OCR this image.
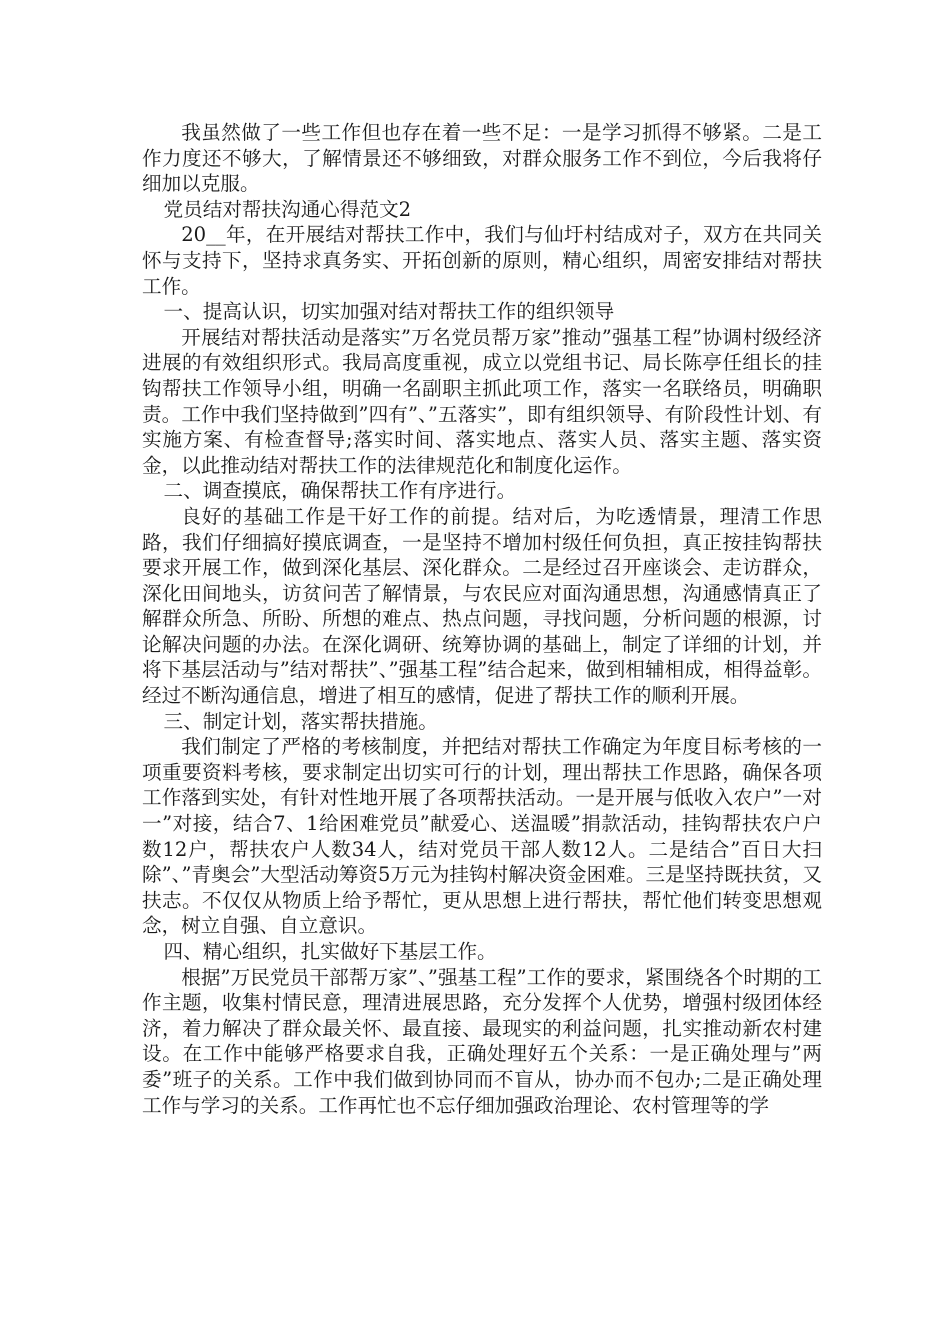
我虽然做了一些工作但也存在着一些不足：一是学习抓得不够紧。二是工作力度还不够大，了解情景还不够细致，对群众服务工作不到位，今后我将仔细加以克服。

党员结对帮扶沟通心得范文2

20__年，在开展结对帮扶工作中，我们与仙圩村结成对子，双方在共同关怀与支持下，坚持求真务实、开拓创新的原则，精心组织，周密安排结对帮扶工作。

一、提高认识，切实加强对结对帮扶工作的组织领导

开展结对帮扶活动是落实”万名党员帮万家”推动”强基工程”协调村级经济进展的有效组织形式。我局高度重视，成立以党组书记、局长陈亭任组长的挂钩帮扶工作领导小组，明确一名副职主抓此项工作，落实一名联络员，明确职责。工作中我们坚持做到”四有”、”五落实”，即有组织领导、有阶段性计划、有实施方案、有检查督导;落实时间、落实地点、落实人员、落实主题、落实资金，以此推动结对帮扶工作的法律规范化和制度化运作。

二、调查摸底，确保帮扶工作有序进行。

良好的基础工作是干好工作的前提。结对后，为吃透情景，理清工作思路，我们仔细搞好摸底调查，一是坚持不增加村级任何负担，真正按挂钩帮扶要求开展工作，做到深化基层、深化群众。二是经过召开座谈会、走访群众，深化田间地头，访贫问苦了解情景，与农民应对面沟通思想，沟通感情真正了解群众所急、所盼、所想的难点、热点问题，寻找问题，分析问题的根源，讨论解决问题的办法。在深化调研、统筹协调的基础上，制定了详细的计划，并将下基层活动与”结对帮扶”、”强基工程”结合起来，做到相辅相成，相得益彰。经过不断沟通信息，增进了相互的感情，促进了帮扶工作的顺利开展。

三、制定计划，落实帮扶措施。

我们制定了严格的考核制度，并把结对帮扶工作确定为年度目标考核的一项重要资料考核，要求制定出切实可行的计划，理出帮扶工作思路，确保各项工作落到实处，有针对性地开展了各项帮扶活动。一是开展与低收入农户”一对一”对接，结合7、1给困难党员”献爱心、送温暖”捐款活动，挂钩帮扶农户户数12户，帮扶农户人数34人，结对党员干部人数12人。二是结合”百日大扫除”、”青奥会”大型活动筹资5万元为挂钩村解决资金困难。三是坚持既扶贫，又扶志。不仅仅从物质上给予帮忙，更从思想上进行帮扶，帮忙他们转变思想观念，树立自强、自立意识。

四、精心组织，扎实做好下基层工作。

根据”万民党员干部帮万家”、”强基工程”工作的要求，紧围绕各个时期的工作主题，收集村情民意，理清进展思路，充分发挥个人优势，增强村级团体经济，着力解决了群众最关怀、最直接、最现实的利益问题，扎实推动新农村建设。在工作中能够严格要求自我，正确处理好五个关系：一是正确处理与”两委”班子的关系。工作中我们做到协同而不盲从，协办而不包办;二是正确处理工作与学习的关系。工作再忙也不忘仔细加强政治理论、农村管理等的学
